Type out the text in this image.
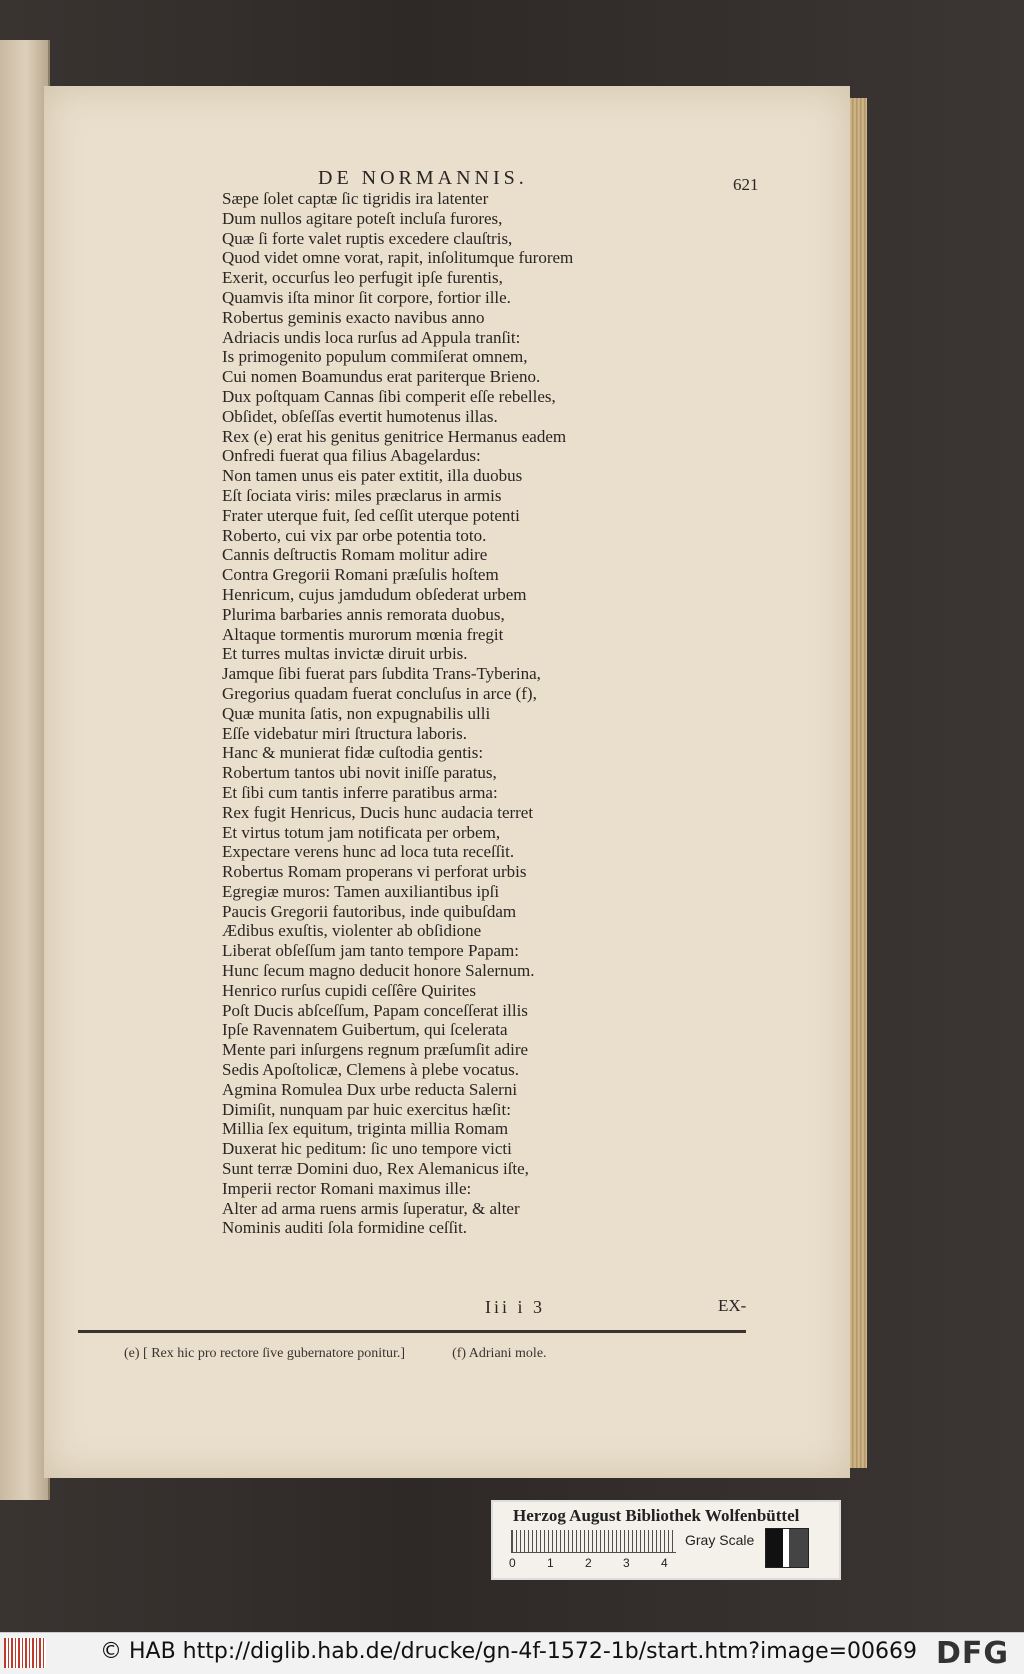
DE NORMANNIS.	621
Sæpe ſolet captæ ſic tigridis ira latenter
Dum nullos agitare poteſt incluſa furores,
Quæ ſi forte valet ruptis excedere clauſtris,
Quod videt omne vorat, rapit, inſolitumque furorem
Exerit, occurſus leo perfugit ipſe furentis,
Quamvis iſta minor ſit corpore, fortior ille.
Robertus geminis exacto navibus anno
Adriacis undis loca rurſus ad Appula tranſit:
Is primogenito populum commiſerat omnem,
Cui nomen Boamundus erat pariterque Brieno.
Dux poſtquam Cannas ſibi comperit eſſe rebelles,
Obſidet, obſeſſas evertit humotenus illas.
Rex (e) erat his genitus genitrice Hermanus eadem
Onfredi fuerat qua filius Abagelardus:
Non tamen unus eis pater extitit, illa duobus
Eſt ſociata viris: miles præclarus in armis
Frater uterque fuit, ſed ceſſit uterque potenti
Roberto, cui vix par orbe potentia toto.
Cannis deſtructis Romam molitur adire
Contra Gregorii Romani præſulis hoſtem
Henricum, cujus jamdudum obſederat urbem
Plurima barbaries annis remorata duobus,
Altaque tormentis murorum mœnia fregit
Et turres multas invictæ diruit urbis.
Jamque ſibi fuerat pars ſubdita Trans-Tyberina,
Gregorius quadam fuerat concluſus in arce (f),
Quæ munita ſatis, non expugnabilis ulli
Eſſe videbatur miri ſtructura laboris.
Hanc & munierat fidæ cuſtodia gentis:
Robertum tantos ubi novit iniſſe paratus,
Et ſibi cum tantis inferre paratibus arma:
Rex fugit Henricus, Ducis hunc audacia terret
Et virtus totum jam notificata per orbem,
Expectare verens hunc ad loca tuta receſſit.
Robertus Romam properans vi perforat urbis
Egregiæ muros: Tamen auxiliantibus ipſi
Paucis Gregorii fautoribus, inde quibuſdam
Ædibus exuſtis, violenter ab obſidione
Liberat obſeſſum jam tanto tempore Papam:
Hunc ſecum magno deducit honore Salernum.
Henrico rurſus cupidi ceſſêre Quirites
Poſt Ducis abſceſſum, Papam conceſſerat illis
Ipſe Ravennatem Guibertum, qui ſcelerata
Mente pari inſurgens regnum præſumſit adire
Sedis Apoſtolicæ, Clemens à plebe vocatus.
Agmina Romulea Dux urbe reducta Salerni
Dimiſit, nunquam par huic exercitus hæſit:
Millia ſex equitum, triginta millia Romam
Duxerat hic peditum: ſic uno tempore victi
Sunt terræ Domini duo, Rex Alemanicus iſte,
Imperii rector Romani maximus ille:
Alter ad arma ruens armis ſuperatur, & alter
Nominis auditi ſola formidine ceſſit.
Iii i 3	EX-
(e) [ Rex hic pro rectore ſive gubernatore ponitur.]	(f) Adriani mole.
Herzog August Bibliothek Wolfenbüttel
0	1	2	3	4
Gray Scale
© HAB http://diglib.hab.de/drucke/gn-4f-1572-1b/start.htm?image=00669 DFG
